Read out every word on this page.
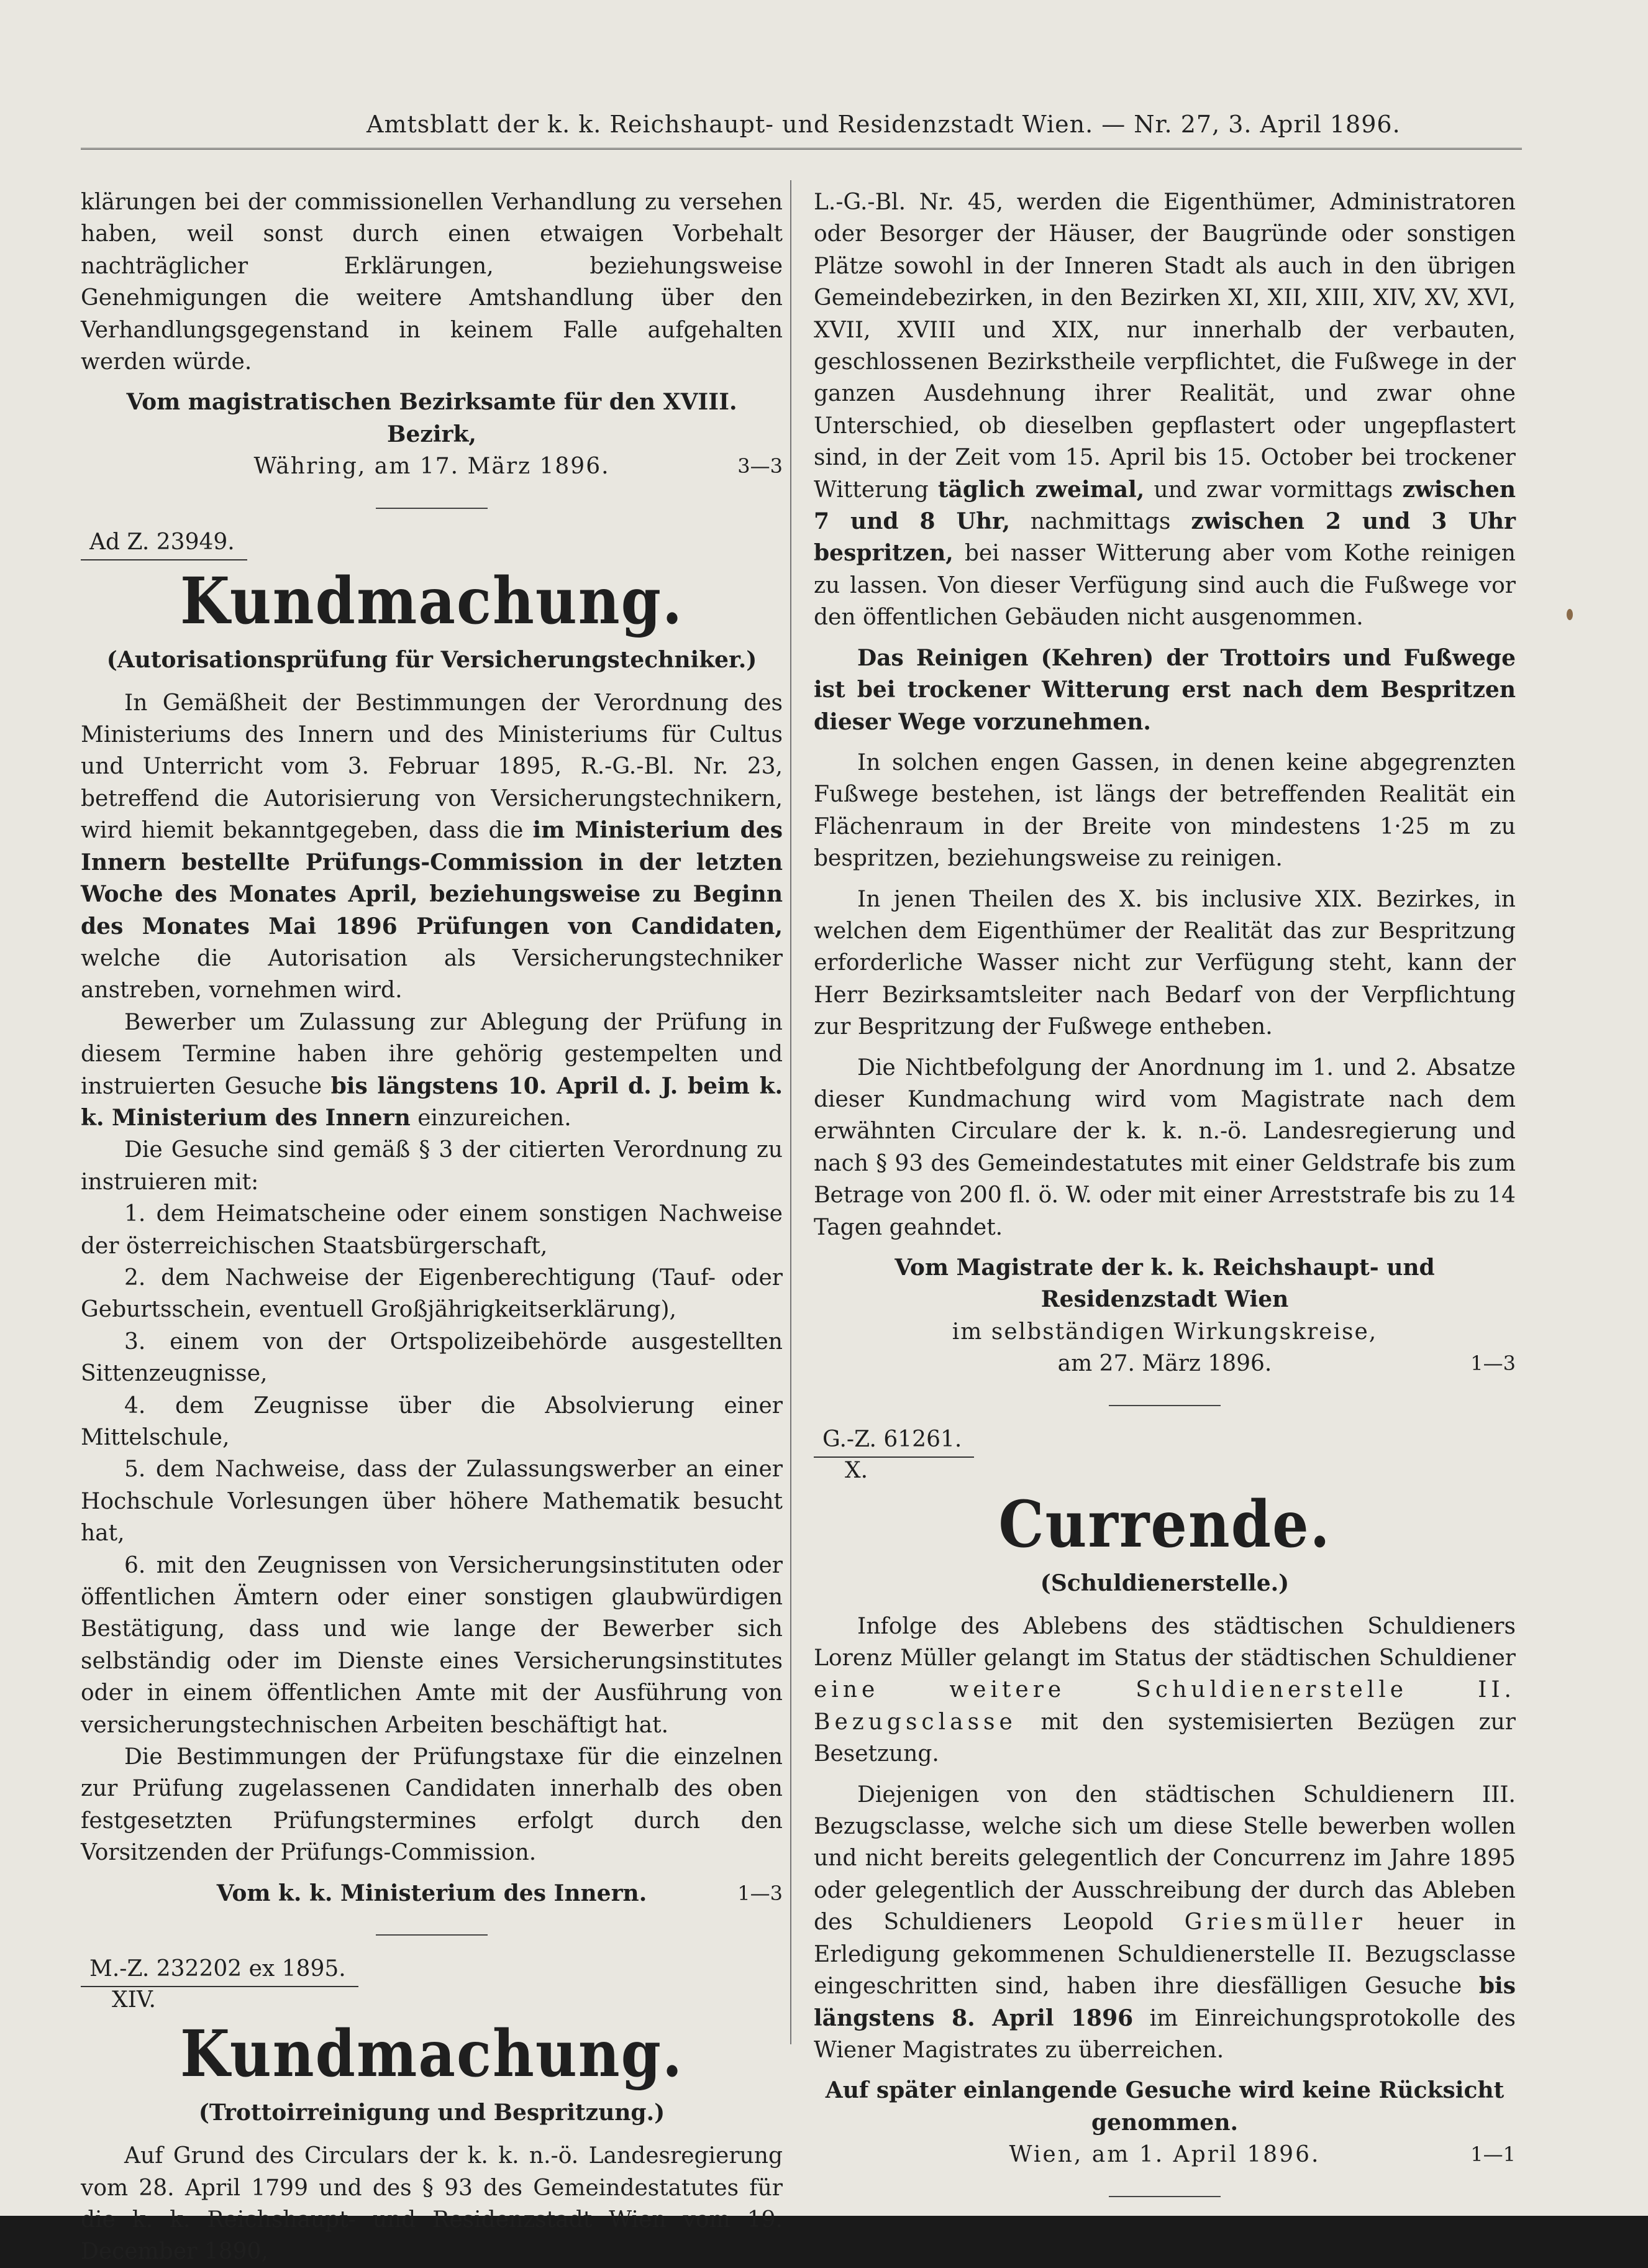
Amtsblatt der k. k. Reichshaupt- und Residenzstadt Wien. — Nr. 27, 3. April 1896.

klärungen bei der commissionellen Verhandlung zu versehen haben, weil sonst durch einen etwaigen Vorbehalt nachträglicher Erklärungen, beziehungsweise Genehmigungen die weitere Amtshandlung über den Verhandlungsgegenstand in keinem Falle aufgehalten werden würde.

Vom magistratischen Bezirksamte für den XVIII. Bezirk,

Währing, am 17. März 1896.	3—3
Ad Z. 23949.
Kundmachung.
(Autorisationsprüfung für Versicherungstechniker.)

In Gemäßheit der Bestimmungen der Verordnung des Ministeriums des Innern und des Ministeriums für Cultus und Unterricht vom 3. Februar 1895, R.-G.-Bl. Nr. 23, betreffend die Autorisierung von Versicherungstechnikern, wird hiemit bekanntgegeben, dass die im Ministerium des Innern bestellte Prüfungs-Commission in der letzten Woche des Monates April, beziehungsweise zu Beginn des Monates Mai 1896 Prüfungen von Candidaten, welche die Autorisation als Versicherungstechniker anstreben, vornehmen wird.

Bewerber um Zulassung zur Ablegung der Prüfung in diesem Termine haben ihre gehörig gestempelten und instruierten Gesuche bis längstens 10. April d. J. beim k. k. Ministerium des Innern einzureichen.

Die Gesuche sind gemäß § 3 der citierten Verordnung zu instruieren mit:

1. dem Heimatscheine oder einem sonstigen Nachweise der österreichischen Staatsbürgerschaft,

2. dem Nachweise der Eigenberechtigung (Tauf- oder Geburtsschein, eventuell Großjährigkeitserklärung),

3. einem von der Ortspolizeibehörde ausgestellten Sittenzeugnisse,

4. dem Zeugnisse über die Absolvierung einer Mittelschule,

5. dem Nachweise, dass der Zulassungswerber an einer Hochschule Vorlesungen über höhere Mathematik besucht hat,

6. mit den Zeugnissen von Versicherungsinstituten oder öffentlichen Ämtern oder einer sonstigen glaubwürdigen Bestätigung, dass und wie lange der Bewerber sich selbständig oder im Dienste eines Versicherungsinstitutes oder in einem öffentlichen Amte mit der Ausführung von versicherungstechnischen Arbeiten beschäftigt hat.

Die Bestimmungen der Prüfungstaxe für die einzelnen zur Prüfung zugelassenen Candidaten innerhalb des oben festgesetzten Prüfungstermines erfolgt durch den Vorsitzenden der Prüfungs-Commission.

Vom k. k. Ministerium des Innern.	1—3
M.-Z. 232202 ex 1895.
XIV.
Kundmachung.
(Trottoirreinigung und Bespritzung.)

Auf Grund des Circulars der k. k. n.-ö. Landesregierung vom 28. April 1799 und des § 93 des Gemeindestatutes für die k. k. Reichshaupt- und Residenzstadt Wien vom 19. December 1890,

L.-G.-Bl. Nr. 45, werden die Eigenthümer, Administratoren oder Besorger der Häuser, der Baugründe oder sonstigen Plätze sowohl in der Inneren Stadt als auch in den übrigen Gemeindebezirken, in den Bezirken XI, XII, XIII, XIV, XV, XVI, XVII, XVIII und XIX, nur innerhalb der verbauten, geschlossenen Bezirkstheile verpflichtet, die Fußwege in der ganzen Ausdehnung ihrer Realität, und zwar ohne Unterschied, ob dieselben gepflastert oder ungepflastert sind, in der Zeit vom 15. April bis 15. October bei trockener Witterung täglich zweimal, und zwar vormittags zwischen 7 und 8 Uhr, nachmittags zwischen 2 und 3 Uhr bespritzen, bei nasser Witterung aber vom Kothe reinigen zu lassen. Von dieser Verfügung sind auch die Fußwege vor den öffentlichen Gebäuden nicht ausgenommen.

Das Reinigen (Kehren) der Trottoirs und Fußwege ist bei trockener Witterung erst nach dem Bespritzen dieser Wege vorzunehmen.

In solchen engen Gassen, in denen keine abgegrenzten Fußwege bestehen, ist längs der betreffenden Realität ein Flächenraum in der Breite von mindestens 1·25 m zu bespritzen, beziehungsweise zu reinigen.

In jenen Theilen des X. bis inclusive XIX. Bezirkes, in welchen dem Eigenthümer der Realität das zur Bespritzung erforderliche Wasser nicht zur Verfügung steht, kann der Herr Bezirksamtsleiter nach Bedarf von der Verpflichtung zur Bespritzung der Fußwege entheben.

Die Nichtbefolgung der Anordnung im 1. und 2. Absatze dieser Kundmachung wird vom Magistrate nach dem erwähnten Circulare der k. k. n.-ö. Landesregierung und nach § 93 des Gemeindestatutes mit einer Geldstrafe bis zum Betrage von 200 fl. ö. W. oder mit einer Arreststrafe bis zu 14 Tagen geahndet.

Vom Magistrate der k. k. Reichshaupt- und Residenzstadt Wien

im selbständigen Wirkungskreise,

am 27. März 1896.	1—3
G.-Z. 61261.
X.
Currende.
(Schuldienerstelle.)

Infolge des Ablebens des städtischen Schuldieners Lorenz Müller gelangt im Status der städtischen Schuldiener eine weitere Schuldienerstelle II. Bezugsclasse mit den systemisierten Bezügen zur Besetzung.

Diejenigen von den städtischen Schuldienern III. Bezugsclasse, welche sich um diese Stelle bewerben wollen und nicht bereits gelegentlich der Concurrenz im Jahre 1895 oder gelegentlich der Ausschreibung der durch das Ableben des Schuldieners Leopold Griesmüller heuer in Erledigung gekommenen Schuldienerstelle II. Bezugsclasse eingeschritten sind, haben ihre diesfälligen Gesuche bis längstens 8. April 1896 im Einreichungsprotokolle des Wiener Magistrates zu überreichen.

Auf später einlangende Gesuche wird keine Rücksicht genommen.

Wien, am 1. April 1896.	1—1
